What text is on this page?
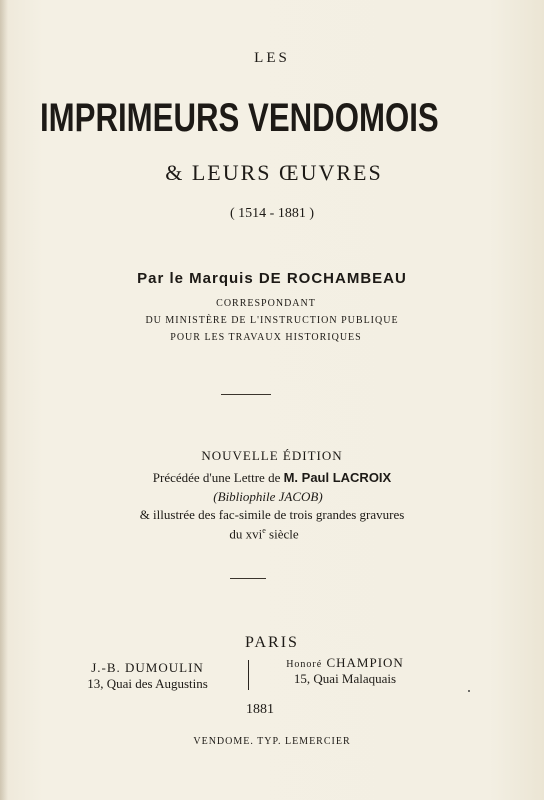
LES
IMPRIMEURS VENDOMOIS
& LEURS ŒUVRES
( 1514 - 1881 )
Par le Marquis DE ROCHAMBEAU
CORRESPONDANT
DU MINISTÈRE DE L'INSTRUCTION PUBLIQUE
POUR LES TRAVAUX HISTORIQUES
NOUVELLE ÉDITION
Précédée d'une Lettre de M. Paul LACROIX
(Bibliophile JACOB)
& illustrée des fac-simile de trois grandes gravures
du xvi$^e$ siècle
PARIS
J.-B. DUMOULIN
13, Quai des Augustins
Honoré CHAMPION
15, Quai Malaquais
1881
VENDOME. TYP. LEMERCIER
